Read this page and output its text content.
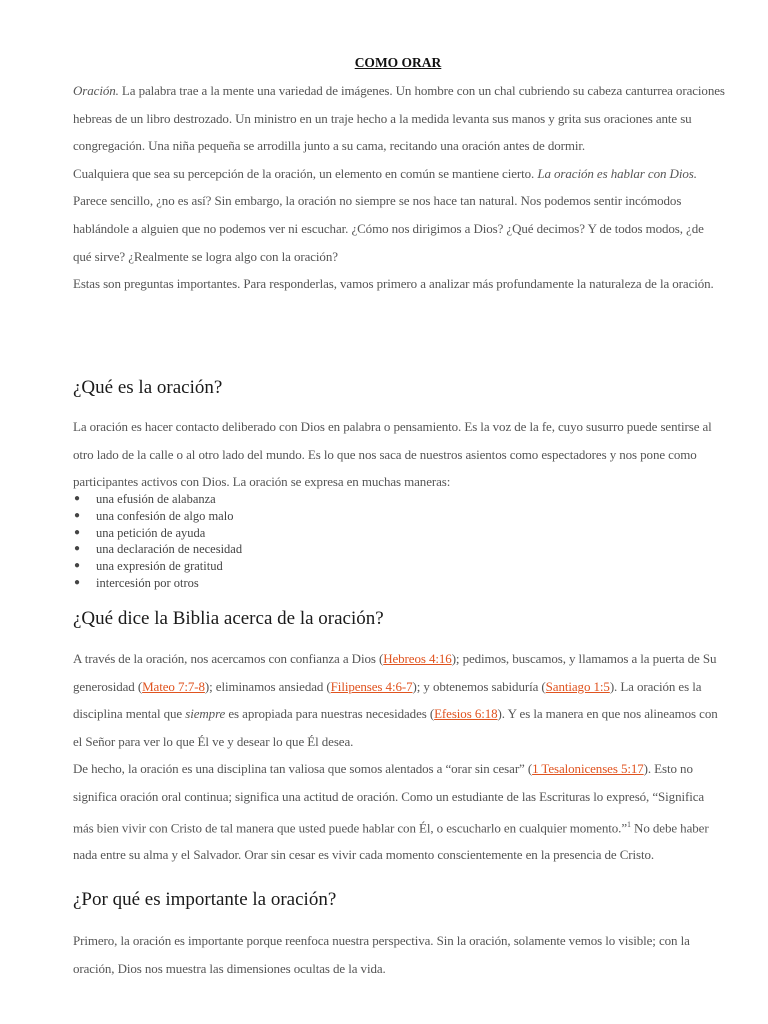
COMO ORAR

Oración. La palabra trae a la mente una variedad de imágenes. Un hombre con un chal cubriendo su cabeza canturrea oraciones hebreas de un libro destrozado. Un ministro en un traje hecho a la medida levanta sus manos y grita sus oraciones ante su congregación. Una niña pequeña se arrodilla junto a su cama, recitando una oración antes de dormir.

Cualquiera que sea su percepción de la oración, un elemento en común se mantiene cierto. La oración es hablar con Dios.

Parece sencillo, ¿no es así? Sin embargo, la oración no siempre se nos hace tan natural. Nos podemos sentir incómodos hablándole a alguien que no podemos ver ni escuchar. ¿Cómo nos dirigimos a Dios? ¿Qué decimos? Y de todos modos, ¿de qué sirve? ¿Realmente se logra algo con la oración?

Estas son preguntas importantes. Para responderlas, vamos primero a analizar más profundamente la naturaleza de la oración.

¿Qué es la oración?

La oración es hacer contacto deliberado con Dios en palabra o pensamiento. Es la voz de la fe, cuyo susurro puede sentirse al otro lado de la calle o al otro lado del mundo. Es lo que nos saca de nuestros asientos como espectadores y nos pone como participantes activos con Dios. La oración se expresa en muchas maneras:

● una efusión de alabanza
● una confesión de algo malo
● una petición de ayuda
● una declaración de necesidad
● una expresión de gratitud
● intercesión por otros
¿Qué dice la Biblia acerca de la oración?

A través de la oración, nos acercamos con confianza a Dios (Hebreos 4:16); pedimos, buscamos, y llamamos a la puerta de Su generosidad (Mateo 7:7-8); eliminamos ansiedad (Filipenses 4:6-7); y obtenemos sabiduría (Santiago 1:5). La oración es la disciplina mental que siempre es apropiada para nuestras necesidades (Efesios 6:18). Y es la manera en que nos alineamos con el Señor para ver lo que Él ve y desear lo que Él desea.

De hecho, la oración es una disciplina tan valiosa que somos alentados a “orar sin cesar” (1 Tesalonicenses 5:17). Esto no significa oración oral continua; significa una actitud de oración. Como un estudiante de las Escrituras lo expresó, “Significa más bien vivir con Cristo de tal manera que usted puede hablar con Él, o escucharlo en cualquier momento.”$^1$ No debe haber nada entre su alma y el Salvador. Orar sin cesar es vivir cada momento conscientemente en la presencia de Cristo.

¿Por qué es importante la oración?

Primero, la oración es importante porque reenfoca nuestra perspectiva. Sin la oración, solamente vemos lo visible; con la oración, Dios nos muestra las dimensiones ocultas de la vida.
